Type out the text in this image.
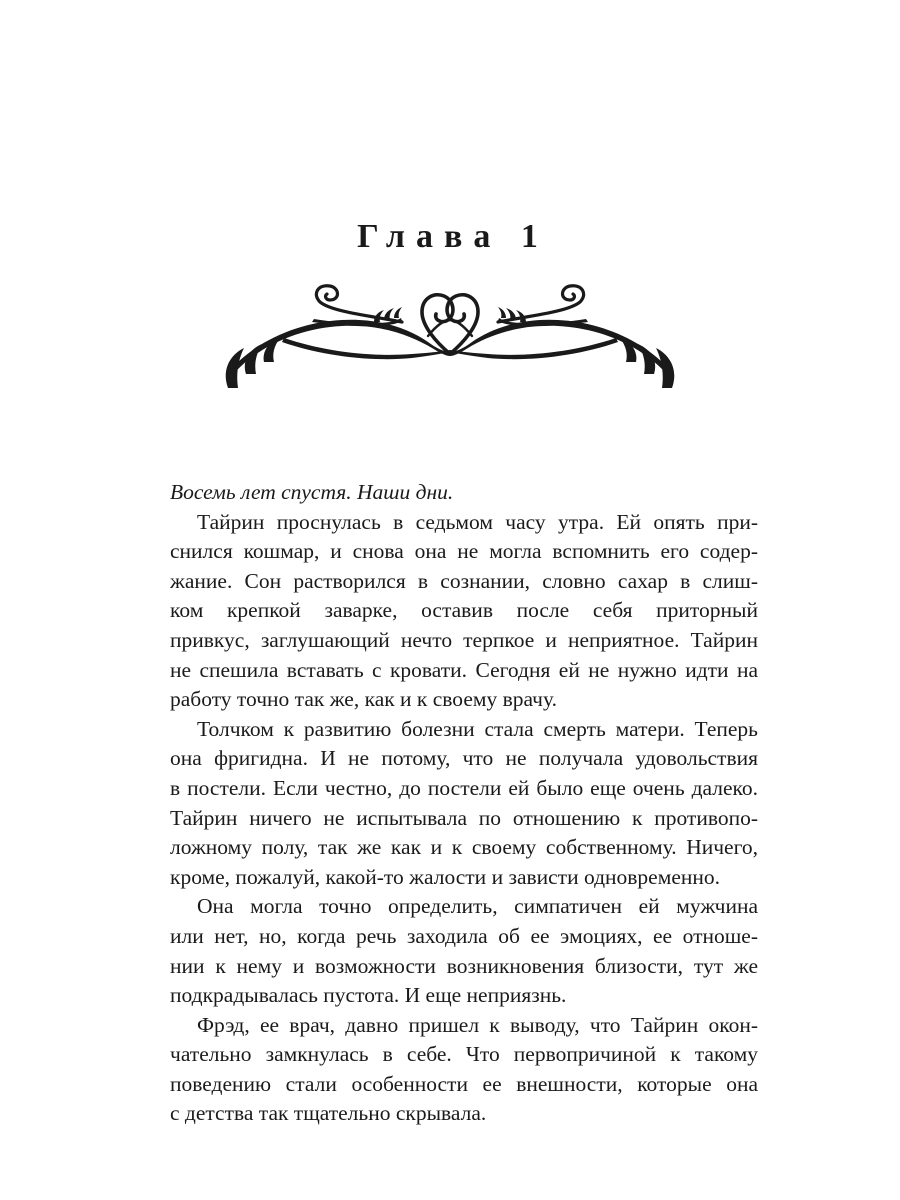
Глава 1

Восемь лет спустя. Наши дни.

Тайрин проснулась в седьмом часу утра. Ей опять при-
снился кошмар, и снова она не могла вспомнить его содер-
жание. Сон растворился в сознании, словно сахар в слиш-
ком крепкой заварке, оставив после себя приторный
привкус, заглушающий нечто терпкое и неприятное. Тайрин
не спешила вставать с кровати. Сегодня ей не нужно идти на
работу точно так же, как и к своему врачу.

Толчком к развитию болезни стала смерть матери. Теперь
она фригидна. И не потому, что не получала удовольствия
в постели. Если честно, до постели ей было еще очень далеко.
Тайрин ничего не испытывала по отношению к противопо-
ложному полу, так же как и к своему собственному. Ничего,
кроме, пожалуй, какой-то жалости и зависти одновременно.

Она могла точно определить, симпатичен ей мужчина
или нет, но, когда речь заходила об ее эмоциях, ее отноше-
нии к нему и возможности возникновения близости, тут же
подкрадывалась пустота. И еще неприязнь.

Фрэд, ее врач, давно пришел к выводу, что Тайрин окон-
чательно замкнулась в себе. Что первопричиной к такому
поведению стали особенности ее внешности, которые она
с детства так тщательно скрывала.
